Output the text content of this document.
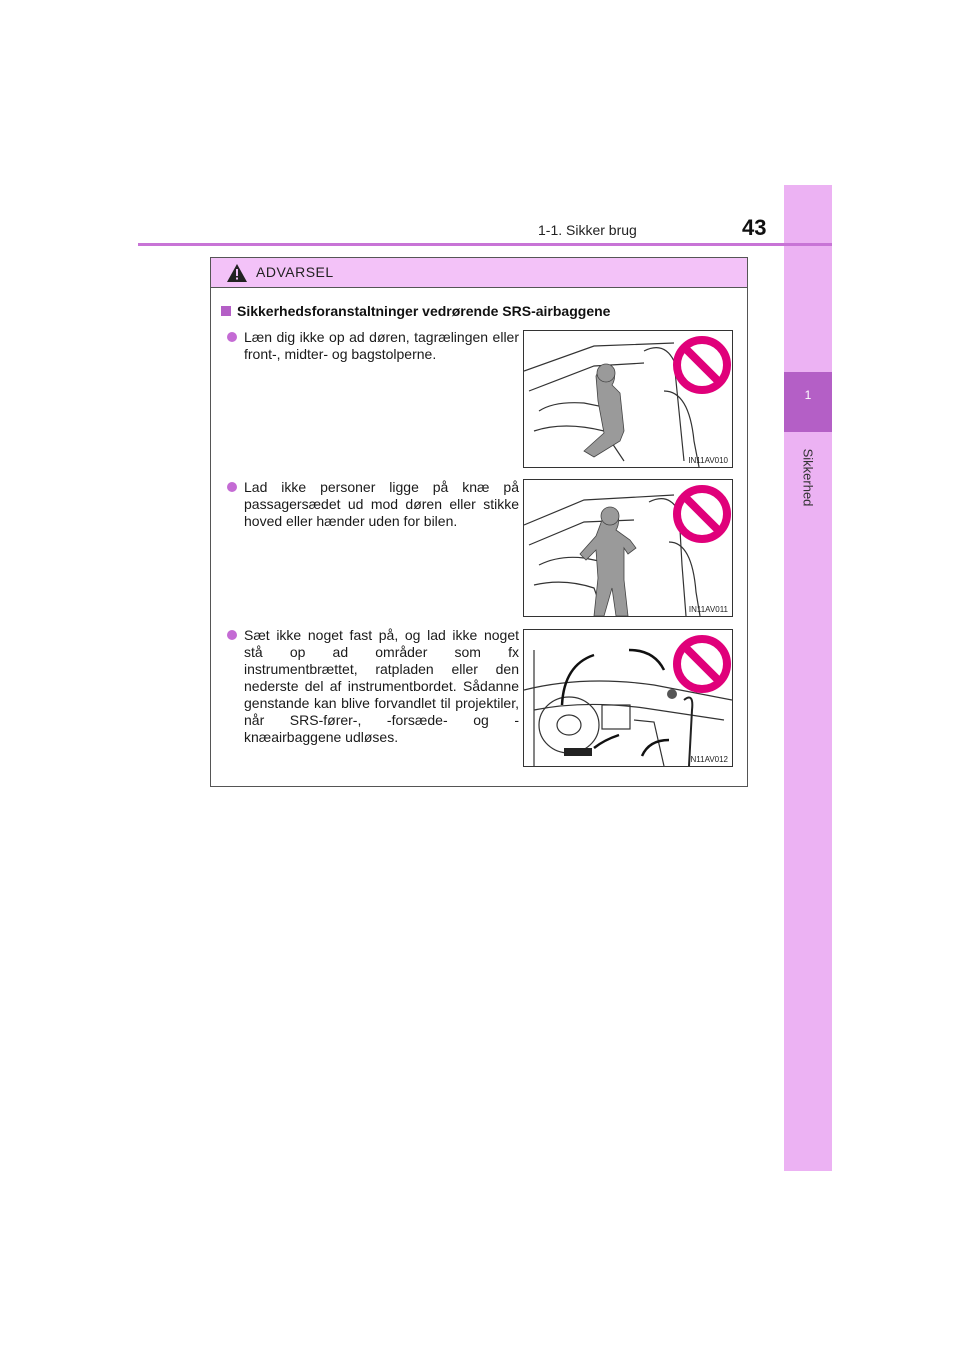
1
Sikkerhed
1-1. Sikker brug	43
ADVARSEL
Sikkerhedsforanstaltninger vedrørende SRS-airbaggene
Læn dig ikke op ad døren, tagrælingen eller front-, midter- og bagstolperne.
IN11AV010
Lad ikke personer ligge på knæ på passagersædet ud mod døren eller stikke hoved eller hænder uden for bilen.
IN11AV011
Sæt ikke noget fast på, og lad ikke noget stå op ad områder som fx instrumentbrættet, ratpladen eller den nederste del af instrumentbordet. Sådanne genstande kan blive forvandlet til projektiler, når SRS-fører-, -forsæde- og -knæairbaggene udløses.
IN11AV012
